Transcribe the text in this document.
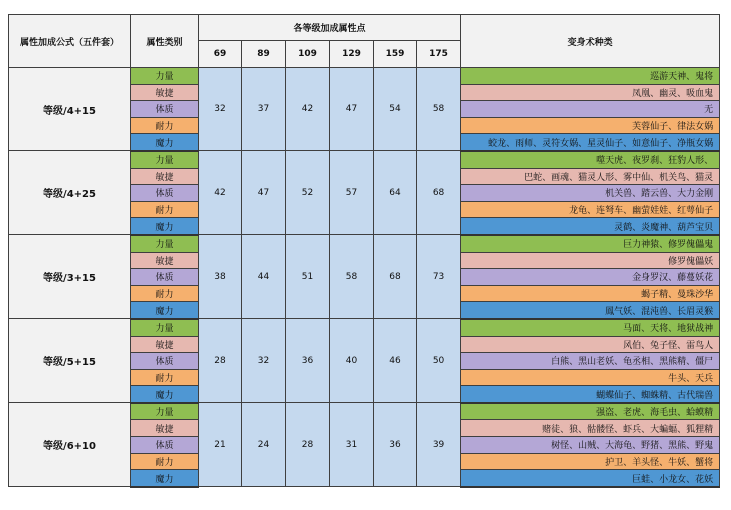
属性加成公式（五件套）	属性类别	各等级加成属性点						变身术种类
		69	89	109	129	159	175	
等级/4+15	力量	32	37	42	47	54	58	巡游天神、鬼将
	敏捷							凤凰、幽灵、吸血鬼
	体质							无
	耐力							芙蓉仙子、律法女娲
	魔力							蛟龙、雨师、灵符女娲、星灵仙子、如意仙子、净瓶女娲
等级/4+25	力量	42	47	52	57	64	68	噬天虎、夜罗刹、狂豹人形、
	敏捷							巴蛇、画魂、猫灵人形、雾中仙、机关鸟、猫灵
	体质							机关兽、踏云兽、大力金刚
	耐力							龙龟、连弩车、幽萤娃娃、红萼仙子
	魔力							灵鹤、炎魔神、葫芦宝贝
等级/3+15	力量	38	44	51	58	68	73	巨力神猿、修罗傀儡鬼
	敏捷							修罗傀儡妖
	体质							金身罗汉、藤蔓妖花
	耐力							蝎子精、曼珠沙华
	魔力							鳳气妖、混沌兽、长眉灵猴
等级/5+15	力量	28	32	36	40	46	50	马面、天将、地狱战神
	敏捷							风伯、兔子怪、雷鸟人
	体质							白熊、黑山老妖、龟丞相、黑熊精、僵尸
	耐力							牛头、天兵
	魔力							蝴蝶仙子、蜘蛛精、古代瑞兽
等级/6+10	力量	21	24	28	31	36	39	强盗、老虎、海毛虫、蛤蟆精
	敏捷							赌徒、狼、骷髅怪、虾兵、大蝙蝠、狐狸精
	体质							树怪、山贼、大海龟、野猪、黑熊、野鬼
	耐力							护卫、羊头怪、牛妖、蟹将
	魔力							巨蛙、小龙女、花妖
